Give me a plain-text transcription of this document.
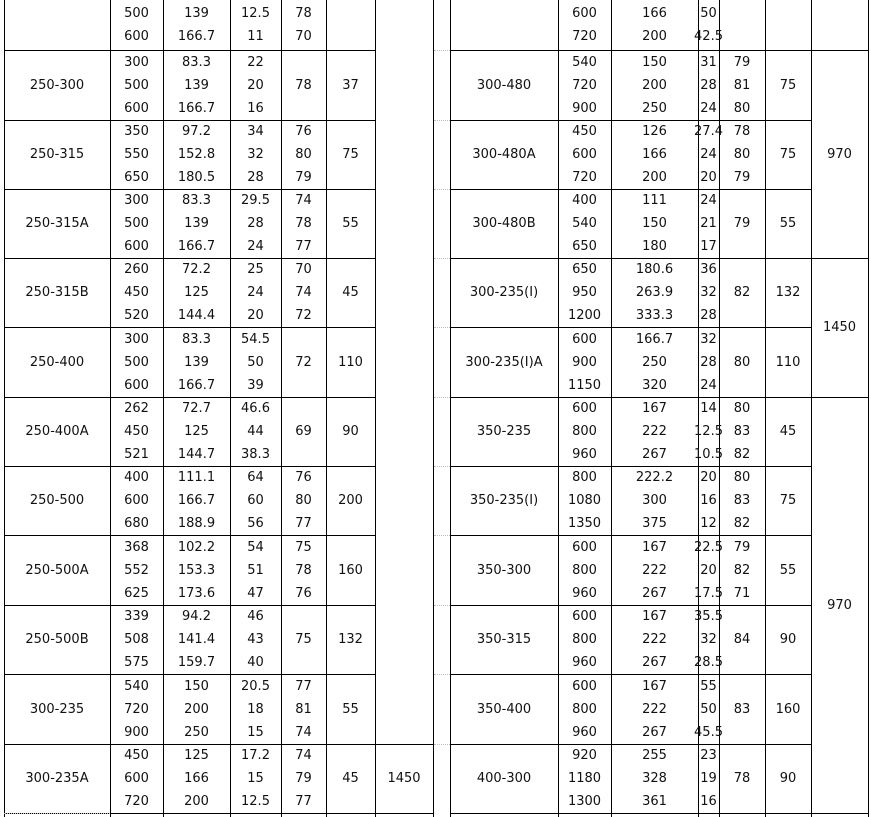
500
600
139
166.7
12.5
11
78
70
250-300
300
500
600
83.3
139
166.7
22
20
16
78 37
250-315
350
550
650
97.2
152.8
180.5
34
32
28
76
80
79
75
250-315A
300
500
600
83.3
139
166.7
29.5
28
24
74
78
77
55
250-315B
260
450
520
72.2
125
144.4
25
24
20
70
74
72
45
250-400
300
500
600
83.3
139
166.7
54.5
50
39
72 110
250-400A
262
450
521
72.7
125
144.7
46.6
44
38.3
69 90
250-500
400
600
680
111.1
166.7
188.9
64
60
56
76
80
77
200
250-500A
368
552
625
102.2
153.3
173.6
54
51
47
75
78
76
160
250-500B
339
508
575
94.2
141.4
159.7
46
43
40
75 132
300-235
540
720
900
150
200
250
20.5
18
15
77
81
74
55
300-235A
450
600
720
125
166
200
17.2
15
12.5
74
79
77
45
600
720
166
200
50
42.5
300-480
540
720
900
150
200
250
31
28
24
79
81
80
75
300-480A
450
600
720
126
166
200
27.4
24
20
78
80
79
75
300-480B
400
540
650
111
150
180
24
21
17
79 55
300-235(I)
650
950
1200
180.6
263.9
333.3
36
32
28
82 132
300-235(I)A
600
900
1150
166.7
250
320
32
28
24
80 110
350-235
600
800
960
167
222
267
14
12.5
10.5
80
83
82
45
350-235(I)
800
1080
1350
222.2
300
375
20
16
12
80
83
82
75
350-300
600
800
960
167
222
267
22.5
20
17.5
79
82
71
55
350-315
600
800
960
167
222
267
35.5
32
28.5
84 90
350-400
600
800
960
167
222
267
55
50
45.5
83 160
400-300
920
1180
1300
255
328
361
23
19
16
78 90
1450
970
1450
970
